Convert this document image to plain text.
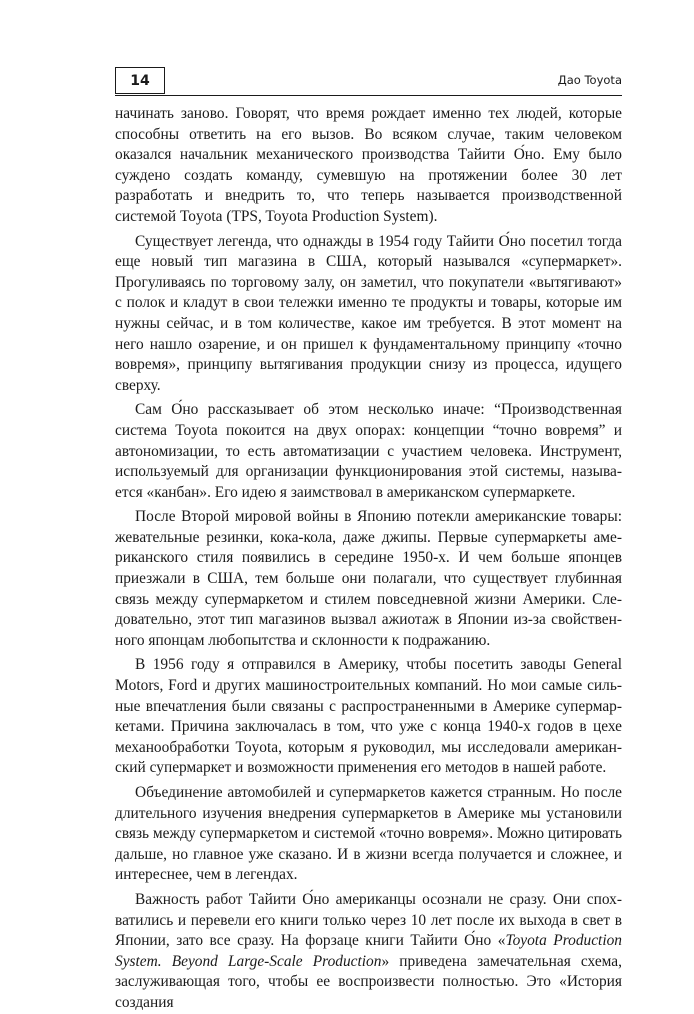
14	Дао Toyota

начинать заново. Говорят, что время рождает именно тех людей, которые способны ответить на его вызов. Во всяком случае, таким человеком оказался начальник механического производства Тайити О́но. Ему было суждено создать команду, сумевшую на протяжении более 30 лет разработать и внедрить то, что теперь называется производственной системой Toyota (TPS, Toyota Production System).

Существует легенда, что однажды в 1954 году Тайити О́но посетил тогда еще новый тип магазина в США, который назывался «супермаркет». Прогуливаясь по торговому залу, он заметил, что покупатели «вытягивают» с полок и кладут в свои тележки именно те продукты и товары, которые им нужны сейчас, и в том количестве, какое им требуется. В этот момент на него нашло озарение, и он пришел к фундаментальному принципу «точно вовремя», принципу вытягивания продукции снизу из процесса, идущего сверху.

Сам О́но рассказывает об этом несколько иначе: “Производственная система Toyota покоится на двух опорах: концепции “точно вовремя” и автономизации, то есть автоматизации с участием человека. Инструмент, используемый для организации функционирования этой системы, называется «канбан». Его идею я заимствовал в американском супермаркете.

После Второй мировой войны в Японию потекли американские товары: жевательные резинки, кока-кола, даже джипы. Первые супермаркеты американского стиля появились в середине 1950-х. И чем больше японцев приезжали в США, тем больше они полагали, что существует глубинная связь между супермаркетом и стилем повседневной жизни Америки. Следовательно, этот тип магазинов вызвал ажиотаж в Японии из-за свойственного японцам любопытства и склонности к подражанию.

В 1956 году я отправился в Америку, чтобы посетить заводы General Motors, Ford и других машиностроительных компаний. Но мои самые сильные впечатления были связаны с распространенными в Америке супермаркетами. Причина заключалась в том, что уже с конца 1940-х годов в цехе механообработки Toyota, которым я руководил, мы исследовали американский супермаркет и возможности применения его методов в нашей работе.

Объединение автомобилей и супермаркетов кажется странным. Но после длительного изучения внедрения супермаркетов в Америке мы установили связь между супермаркетом и системой «точно вовремя». Можно цитировать дальше, но главное уже сказано. И в жизни всегда получается и сложнее, и интереснее, чем в легендах.

Важность работ Тайити О́но американцы осознали не сразу. Они спохватились и перевели его книги только через 10 лет после их выхода в свет в Японии, зато все сразу. На форзаце книги Тайити О́но «Toyota Production System. Beyond Large-Scale Production» приведена замечательная схема, заслуживающая того, чтобы ее воспроизвести полностью. Это «История создания
